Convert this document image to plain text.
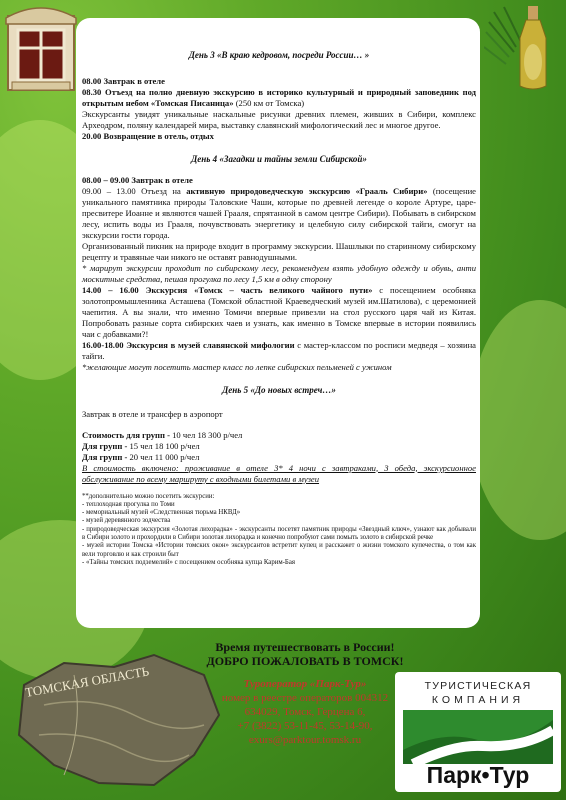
День 3 «В краю кедровом, посреди России… »

08.00 Завтрак в отеле

08.30 Отъезд на полно дневную экскурсию в историко культурный и природный заповедник под открытым небом «Томская Писаница» (250 км от Томска)

Экскурсанты увидят уникальные наскальные рисунки древних племен, живших в Сибири, комплекс Археодром, поляну календарей мира, выставку славянский мифологический лес и многое другое.

20.00 Возвращение в отель, отдых

День 4 «Загадки и тайны земли Сибирской»

08.00 – 09.00 Завтрак в отеле

09.00 – 13.00 Отъезд на активную природоведческую экскурсию «Грааль Сибири» (посещение уникального памятника природы Таловские Чаши, которые по древней легенде о короле Артуре, царе-пресвитере Иоанне и являются чашей Грааля, спрятанной в самом центре Сибири). Побывать в сибирском лесу, испить воды из Грааля, почувствовать энергетику и целебную силу сибирской тайги, смогут на экскурсии гости города.

Организованный пикник на природе входит в программу экскурсии. Шашлыки по старинному сибирскому рецепту и травяные чаи никого не оставят равнодушными.

* марирут экскурсии проходит по сибирскому лесу, рекомендуем взять удобную одежду и обувь, анти москитные средства, пешая прогулка по лесу 1,5 км в одну сторону

14.00 – 16.00 Экскурсия «Томск – часть великого чайного пути» с посещением особняка золотопромышленника Асташева (Томской областной Краеведческий музей им.Шатилова), с церемонией чаепития. А вы знали, что именно Томичи впервые привезли на стол русского царя чай из Китая. Попробовать разные сорта сибирских чаев и узнать, как именно в Томске впервые в истории появились чаи с добавками?!

16.00-18.00 Экскурсия в музей славянской мифологии с мастер-классом по росписи медведя – хозяина тайги.

*желающие могут посетить мастер класс по лепке сибирских пельменей с ужином

День 5 «До новых встреч…»

Завтрак в отеле и трансфер в аэропорт

Стоимость для групп - 10 чел 18 300 р/чел

Для групп - 15 чел 18 100 р/чел

Для групп - 20 чел 11 000 р/чел

В стоимость включено: проживание в отеле 3* 4 ночи с завтраками, 3 обеда, экскурсионное обслуживание по всему маршруту с входными билетами в музеи

**дополнительно можно посетить экскурсии:

- теплоходная прогулка по Томи

- мемориальный музей «Следственная тюрьма НКВД»

- музей деревянного зодчества

- природоведческая экскурсия «Золотая лихорадка» - экскурсанты посетят памятник природы «Звездный ключ», узнают как добывали в Сибири золото и прохордили в Сибири золотая лихорадка и конечно попробуют сами помыть золото в сибирской речке

- музей истории Томска «Истории томских окон» экскурсантов встретит купец и расскажет о жизни томского купечества, о том как вели торговлю и как строили быт

- «Тайны томских подземелий» с посещением особняка купца Карим-Бая

ТОМСКАЯ ОБЛАСТЬ
Время путешествовать в России!
ДОБРО ПОЖАЛОВАТЬ В ТОМСК!
Туроператор «Парк-Тур»
номер в реестре операторов 004312
634029, Томск, Герцена 6,
+7 (3822) 53-11-45, 53-14-90,
exurs@parktour.tomsk.ru
ТУРИСТИЧЕСКАЯ
КОМПАНИЯ
Парк•Тур
